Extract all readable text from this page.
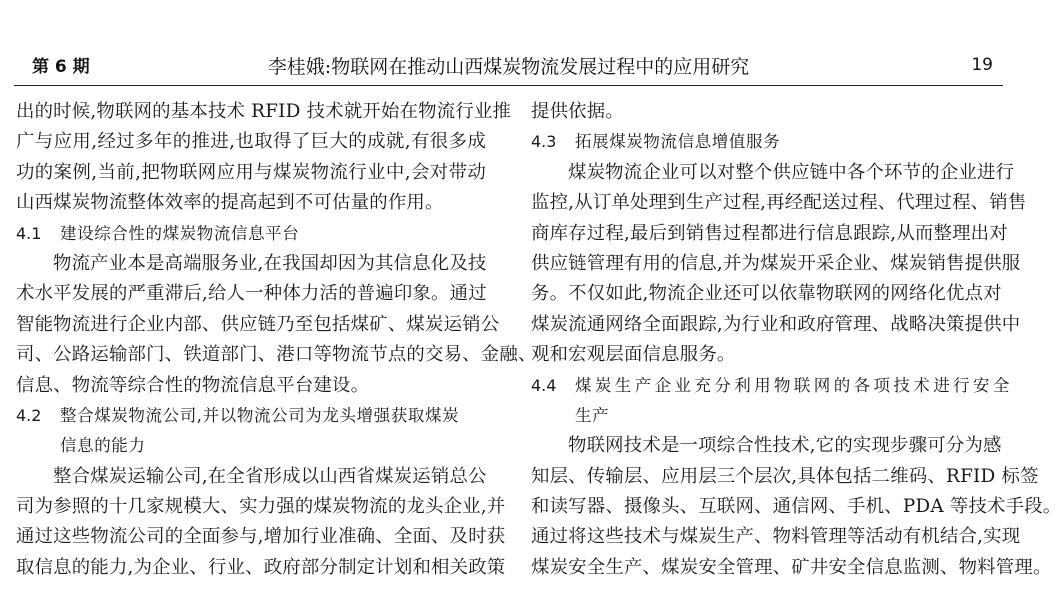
第 6 期	李桂娥:物联网在推动山西煤炭物流发展过程中的应用研究	19
出的时候,物联网的基本技术 RFID 技术就开始在物流行业推
广与应用,经过多年的推进,也取得了巨大的成就,有很多成
功的案例,当前,把物联网应用与煤炭物流行业中,会对带动
山西煤炭物流整体效率的提高起到不可估量的作用。
4.1 建设综合性的煤炭物流信息平台
物流产业本是高端服务业,在我国却因为其信息化及技
术水平发展的严重滞后,给人一种体力活的普遍印象。通过
智能物流进行企业内部、供应链乃至包括煤矿、煤炭运销公
司、公路运输部门、铁道部门、港口等物流节点的交易、金融、
信息、物流等综合性的物流信息平台建设。
4.2 整合煤炭物流公司,并以物流公司为龙头增强获取煤炭
信息的能力
整合煤炭运输公司,在全省形成以山西省煤炭运销总公
司为参照的十几家规模大、实力强的煤炭物流的龙头企业,并
通过这些物流公司的全面参与,增加行业准确、全面、及时获
取信息的能力,为企业、行业、政府部分制定计划和相关政策
提供依据。
4.3 拓展煤炭物流信息增值服务
煤炭物流企业可以对整个供应链中各个环节的企业进行
监控,从订单处理到生产过程,再经配送过程、代理过程、销售
商库存过程,最后到销售过程都进行信息跟踪,从而整理出对
供应链管理有用的信息,并为煤炭开采企业、煤炭销售提供服
务。不仅如此,物流企业还可以依靠物联网的网络化优点对
煤炭流通网络全面跟踪,为行业和政府管理、战略决策提供中
观和宏观层面信息服务。
4.4 煤炭生产企业充分利用物联网的各项技术进行安全
生产
物联网技术是一项综合性技术,它的实现步骤可分为感
知层、传输层、应用层三个层次,具体包括二维码、RFID 标签
和读写器、摄像头、互联网、通信网、手机、PDA 等技术手段。
通过将这些技术与煤炭生产、物料管理等活动有机结合,实现
煤炭安全生产、煤炭安全管理、矿井安全信息监测、物料管理。
